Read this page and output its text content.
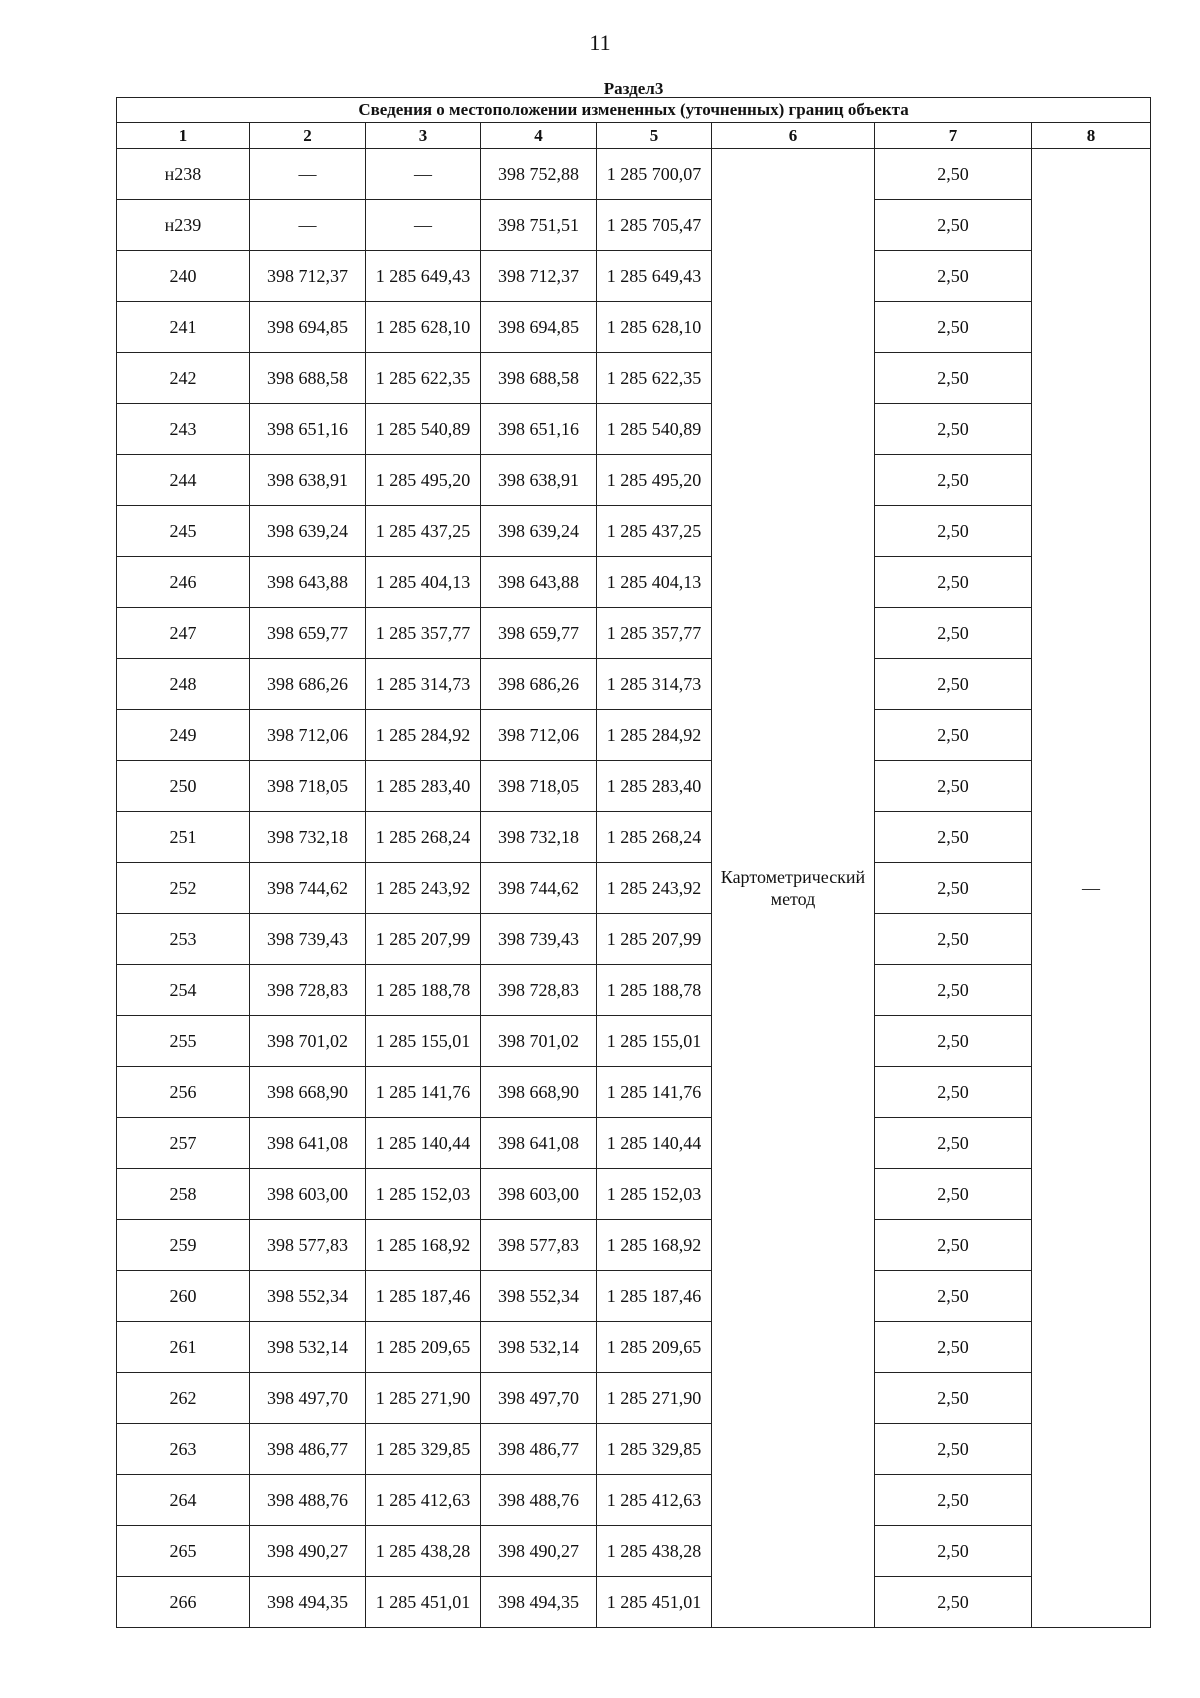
11
Раздел3							
Сведения о местоположении измененных (уточненных) границ объекта							
1	2	3	4	5	6	7	8
н238	—	—	398 752,88	1 285 700,07	Картометрический метод	2,50	—
н239	—	—	398 751,51	1 285 705,47		2,50	
240	398 712,37	1 285 649,43	398 712,37	1 285 649,43		2,50	
241	398 694,85	1 285 628,10	398 694,85	1 285 628,10		2,50	
242	398 688,58	1 285 622,35	398 688,58	1 285 622,35		2,50	
243	398 651,16	1 285 540,89	398 651,16	1 285 540,89		2,50	
244	398 638,91	1 285 495,20	398 638,91	1 285 495,20		2,50	
245	398 639,24	1 285 437,25	398 639,24	1 285 437,25		2,50	
246	398 643,88	1 285 404,13	398 643,88	1 285 404,13		2,50	
247	398 659,77	1 285 357,77	398 659,77	1 285 357,77		2,50	
248	398 686,26	1 285 314,73	398 686,26	1 285 314,73		2,50	
249	398 712,06	1 285 284,92	398 712,06	1 285 284,92		2,50	
250	398 718,05	1 285 283,40	398 718,05	1 285 283,40		2,50	
251	398 732,18	1 285 268,24	398 732,18	1 285 268,24		2,50	
252	398 744,62	1 285 243,92	398 744,62	1 285 243,92		2,50	
253	398 739,43	1 285 207,99	398 739,43	1 285 207,99		2,50	
254	398 728,83	1 285 188,78	398 728,83	1 285 188,78		2,50	
255	398 701,02	1 285 155,01	398 701,02	1 285 155,01		2,50	
256	398 668,90	1 285 141,76	398 668,90	1 285 141,76		2,50	
257	398 641,08	1 285 140,44	398 641,08	1 285 140,44		2,50	
258	398 603,00	1 285 152,03	398 603,00	1 285 152,03		2,50	
259	398 577,83	1 285 168,92	398 577,83	1 285 168,92		2,50	
260	398 552,34	1 285 187,46	398 552,34	1 285 187,46		2,50	
261	398 532,14	1 285 209,65	398 532,14	1 285 209,65		2,50	
262	398 497,70	1 285 271,90	398 497,70	1 285 271,90		2,50	
263	398 486,77	1 285 329,85	398 486,77	1 285 329,85		2,50	
264	398 488,76	1 285 412,63	398 488,76	1 285 412,63		2,50	
265	398 490,27	1 285 438,28	398 490,27	1 285 438,28		2,50	
266	398 494,35	1 285 451,01	398 494,35	1 285 451,01		2,50	
